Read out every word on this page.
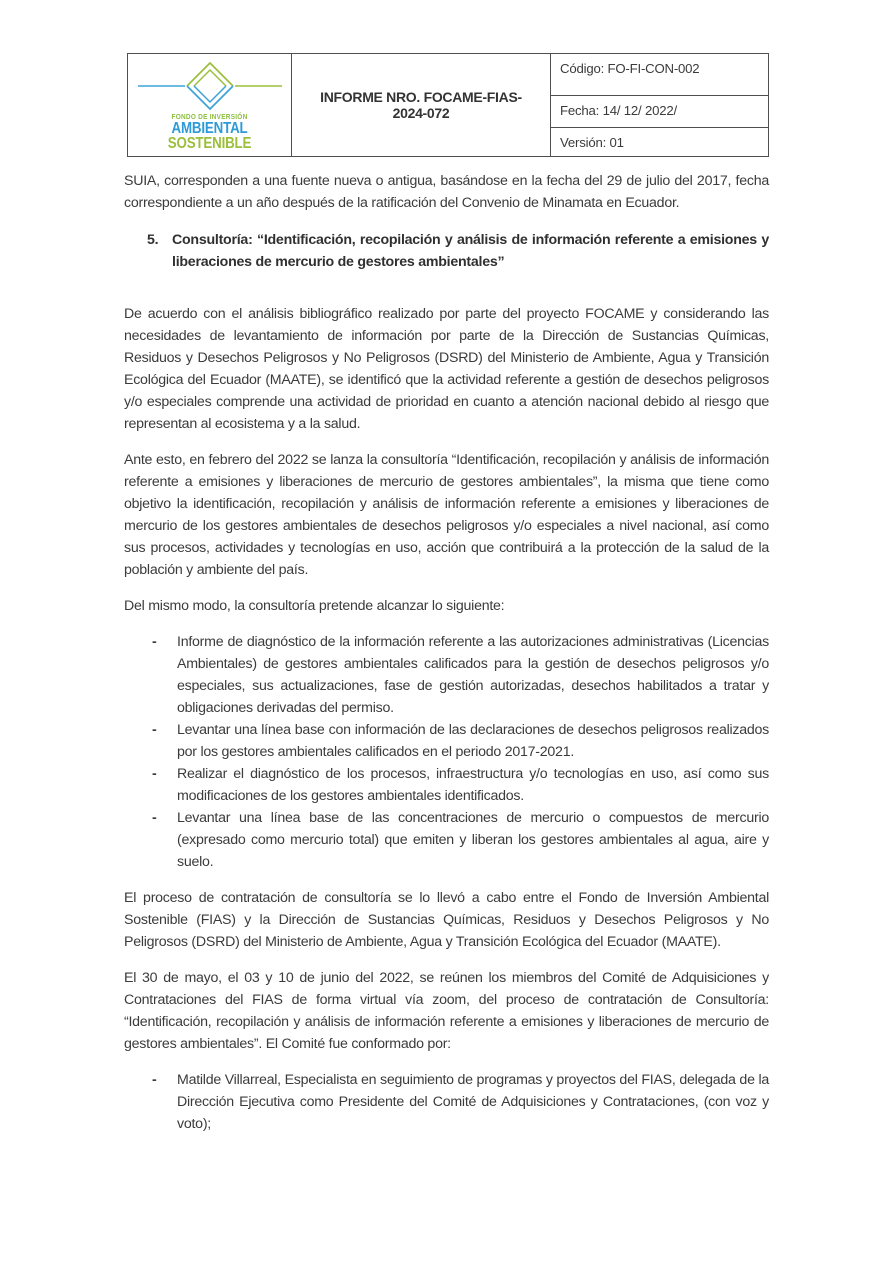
FONDO DE INVERSIÓN
AMBIENTAL
SOSTENIBLE
INFORME NRO. FOCAME-FIAS-2024-072
Código: FO-FI-CON-002
Fecha: 14/ 12/ 2022/
Versión: 01

SUIA, corresponden a una fuente nueva o antigua, basándose en la fecha del 29 de julio del 2017, fecha correspondiente a un año después de la ratificación del Convenio de Minamata en Ecuador.

5. Consultoría: “Identificación, recopilación y análisis de información referente a emisiones y liberaciones de mercurio de gestores ambientales”

De acuerdo con el análisis bibliográfico realizado por parte del proyecto FOCAME y considerando las necesidades de levantamiento de información por parte de la Dirección de Sustancias Químicas, Residuos y Desechos Peligrosos y No Peligrosos (DSRD) del Ministerio de Ambiente, Agua y Transición Ecológica del Ecuador (MAATE), se identificó que la actividad referente a gestión de desechos peligrosos y/o especiales comprende una actividad de prioridad en cuanto a atención nacional debido al riesgo que representan al ecosistema y a la salud.

Ante esto, en febrero del 2022 se lanza la consultoría “Identificación, recopilación y análisis de información referente a emisiones y liberaciones de mercurio de gestores ambientales”, la misma que tiene como objetivo la identificación, recopilación y análisis de información referente a emisiones y liberaciones de mercurio de los gestores ambientales de desechos peligrosos y/o especiales a nivel nacional, así como sus procesos, actividades y tecnologías en uso, acción que contribuirá a la protección de la salud de la población y ambiente del país.

Del mismo modo, la consultoría pretende alcanzar lo siguiente:

- Informe de diagnóstico de la información referente a las autorizaciones administrativas (Licencias Ambientales) de gestores ambientales calificados para la gestión de desechos peligrosos y/o especiales, sus actualizaciones, fase de gestión autorizadas, desechos habilitados a tratar y obligaciones derivadas del permiso.
- Levantar una línea base con información de las declaraciones de desechos peligrosos realizados por los gestores ambientales calificados en el periodo 2017-2021.
- Realizar el diagnóstico de los procesos, infraestructura y/o tecnologías en uso, así como sus modificaciones de los gestores ambientales identificados.
- Levantar una línea base de las concentraciones de mercurio o compuestos de mercurio (expresado como mercurio total) que emiten y liberan los gestores ambientales al agua, aire y suelo.

El proceso de contratación de consultoría se lo llevó a cabo entre el Fondo de Inversión Ambiental Sostenible (FIAS) y la Dirección de Sustancias Químicas, Residuos y Desechos Peligrosos y No Peligrosos (DSRD) del Ministerio de Ambiente, Agua y Transición Ecológica del Ecuador (MAATE).

El 30 de mayo, el 03 y 10 de junio del 2022, se reúnen los miembros del Comité de Adquisiciones y Contrataciones del FIAS de forma virtual vía zoom, del proceso de contratación de Consultoría: “Identificación, recopilación y análisis de información referente a emisiones y liberaciones de mercurio de gestores ambientales”. El Comité fue conformado por:

- Matilde Villarreal, Especialista en seguimiento de programas y proyectos del FIAS, delegada de la Dirección Ejecutiva como Presidente del Comité de Adquisiciones y Contrataciones, (con voz y voto);
